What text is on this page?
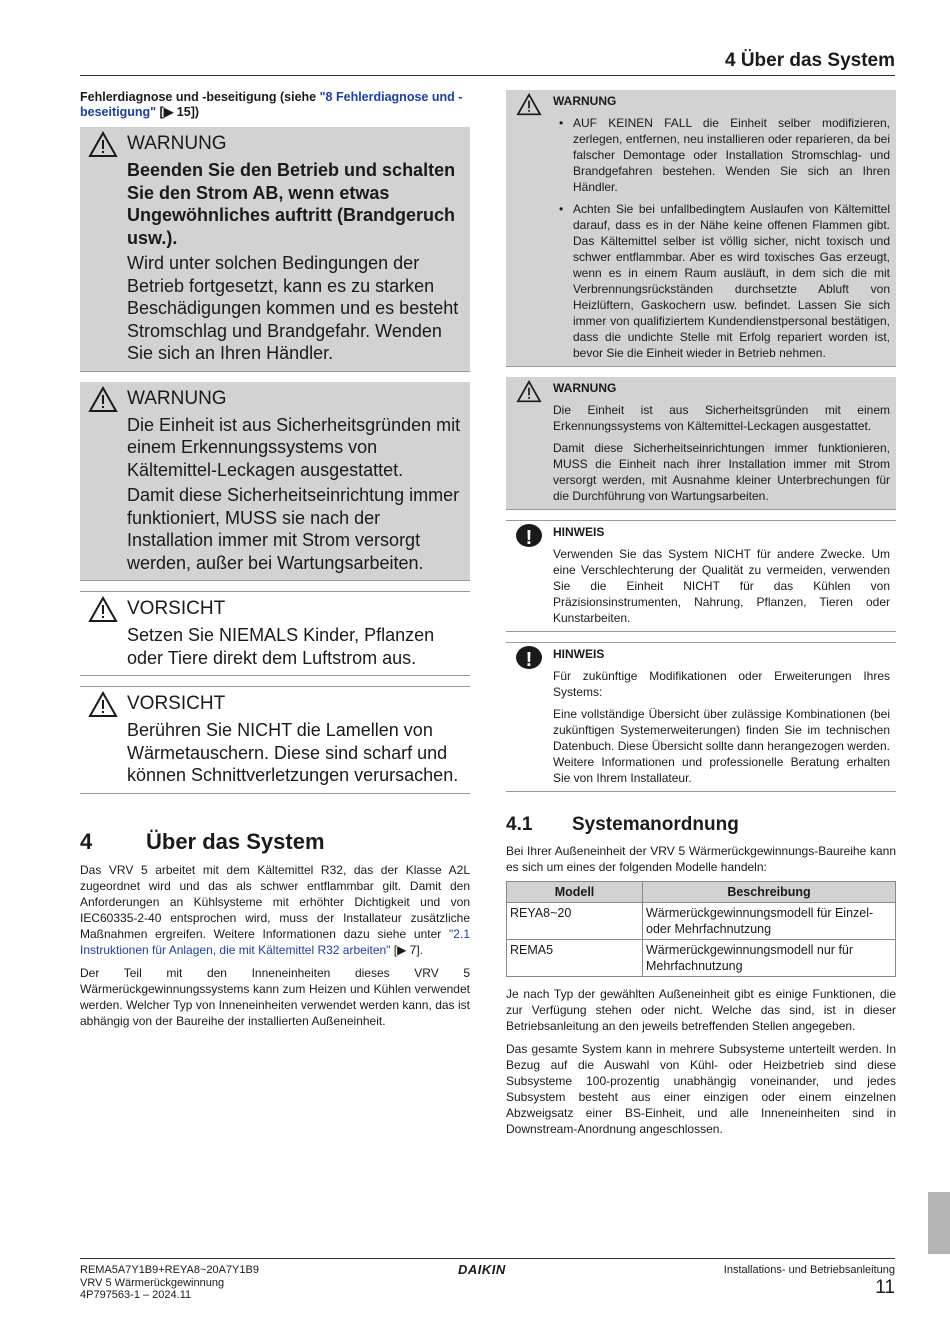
4 Über das System
Fehlerdiagnose und -beseitigung (siehe "8 Fehlerdiagnose und -beseitigung" [▶ 15])
WARNUNG

Beenden Sie den Betrieb und schalten Sie den Strom AB, wenn etwas Ungewöhnliches auftritt (Brandgeruch usw.).

Wird unter solchen Bedingungen der Betrieb fortgesetzt, kann es zu starken Beschädigungen kommen und es besteht Stromschlag und Brandgefahr. Wenden Sie sich an Ihren Händler.

WARNUNG

Die Einheit ist aus Sicherheitsgründen mit einem Erkennungssystems von Kältemittel-Leckagen ausgestattet.

Damit diese Sicherheitseinrichtung immer funktioniert, MUSS sie nach der Installation immer mit Strom versorgt werden, außer bei Wartungsarbeiten.

VORSICHT

Setzen Sie NIEMALS Kinder, Pflanzen oder Tiere direkt dem Luftstrom aus.

VORSICHT

Berühren Sie NICHT die Lamellen von Wärmetauschern. Diese sind scharf und können Schnittverletzungen verursachen.

4 Über das System

Das VRV 5 arbeitet mit dem Kältemittel R32, das der Klasse A2L zugeordnet wird und das als schwer entflammbar gilt. Damit den Anforderungen an Kühlsysteme mit erhöhter Dichtigkeit und von IEC60335-2-40 entsprochen wird, muss der Installateur zusätzliche Maßnahmen ergreifen. Weitere Informationen dazu siehe unter "2.1 Instruktionen für Anlagen, die mit Kältemittel R32 arbeiten" [▶ 7].

Der Teil mit den Inneneinheiten dieses VRV 5 Wärmerückgewinnungssystems kann zum Heizen und Kühlen verwendet werden. Welcher Typ von Inneneinheiten verwendet werden kann, das ist abhängig von der Baureihe der installierten Außeneinheit.

WARNUNG
• AUF KEINEN FALL die Einheit selber modifizieren, zerlegen, entfernen, neu installieren oder reparieren, da bei falscher Demontage oder Installation Stromschlag- und Brandgefahren bestehen. Wenden Sie sich an Ihren Händler.
• Achten Sie bei unfallbedingtem Auslaufen von Kältemittel darauf, dass es in der Nähe keine offenen Flammen gibt. Das Kältemittel selber ist völlig sicher, nicht toxisch und schwer entflammbar. Aber es wird toxisches Gas erzeugt, wenn es in einem Raum ausläuft, in dem sich die mit Verbrennungsrückständen durchsetzte Abluft von Heizlüftern, Gaskochern usw. befindet. Lassen Sie sich immer von qualifiziertem Kundendienstpersonal bestätigen, dass die undichte Stelle mit Erfolg repariert worden ist, bevor Sie die Einheit wieder in Betrieb nehmen.
WARNUNG

Die Einheit ist aus Sicherheitsgründen mit einem Erkennungssystems von Kältemittel-Leckagen ausgestattet.

Damit diese Sicherheitseinrichtungen immer funktionieren, MUSS die Einheit nach ihrer Installation immer mit Strom versorgt werden, mit Ausnahme kleiner Unterbrechungen für die Durchführung von Wartungsarbeiten.

!	HINWEIS

Verwenden Sie das System NICHT für andere Zwecke. Um eine Verschlechterung der Qualität zu vermeiden, verwenden Sie die Einheit NICHT für das Kühlen von Präzisionsinstrumenten, Nahrung, Pflanzen, Tieren oder Kunstarbeiten.

!	HINWEIS

Für zukünftige Modifikationen oder Erweiterungen Ihres Systems:

Eine vollständige Übersicht über zulässige Kombinationen (bei zukünftigen Systemerweiterungen) finden Sie im technischen Datenbuch. Diese Übersicht sollte dann herangezogen werden. Weitere Informationen und professionelle Beratung erhalten Sie von Ihrem Installateur.

4.1 Systemanordnung

Bei Ihrer Außeneinheit der VRV 5 Wärmerückgewinnungs-Baureihe kann es sich um eines der folgenden Modelle handeln:

Modell	Beschreibung
REYA8~20	Wärmerückgewinnungsmodell für Einzel- oder Mehrfachnutzung
REMA5	Wärmerückgewinnungsmodell nur für Mehrfachnutzung

Je nach Typ der gewählten Außeneinheit gibt es einige Funktionen, die zur Verfügung stehen oder nicht. Welche das sind, ist in dieser Betriebsanleitung an den jeweils betreffenden Stellen angegeben.

Das gesamte System kann in mehrere Subsysteme unterteilt werden. In Bezug auf die Auswahl von Kühl- oder Heizbetrieb sind diese Subsysteme 100-prozentig unabhängig voneinander, und jedes Subsystem besteht aus einer einzigen oder einem einzelnen Abzweigsatz einer BS-Einheit, und alle Inneneinheiten sind in Downstream-Anordnung angeschlossen.

REMA5A7Y1B9+REYA8~20A7Y1B9
VRV 5 Wärmerückgewinnung
4P797563-1 – 2024.11
DAIKIN	Installations- und Betriebsanleitung
11
